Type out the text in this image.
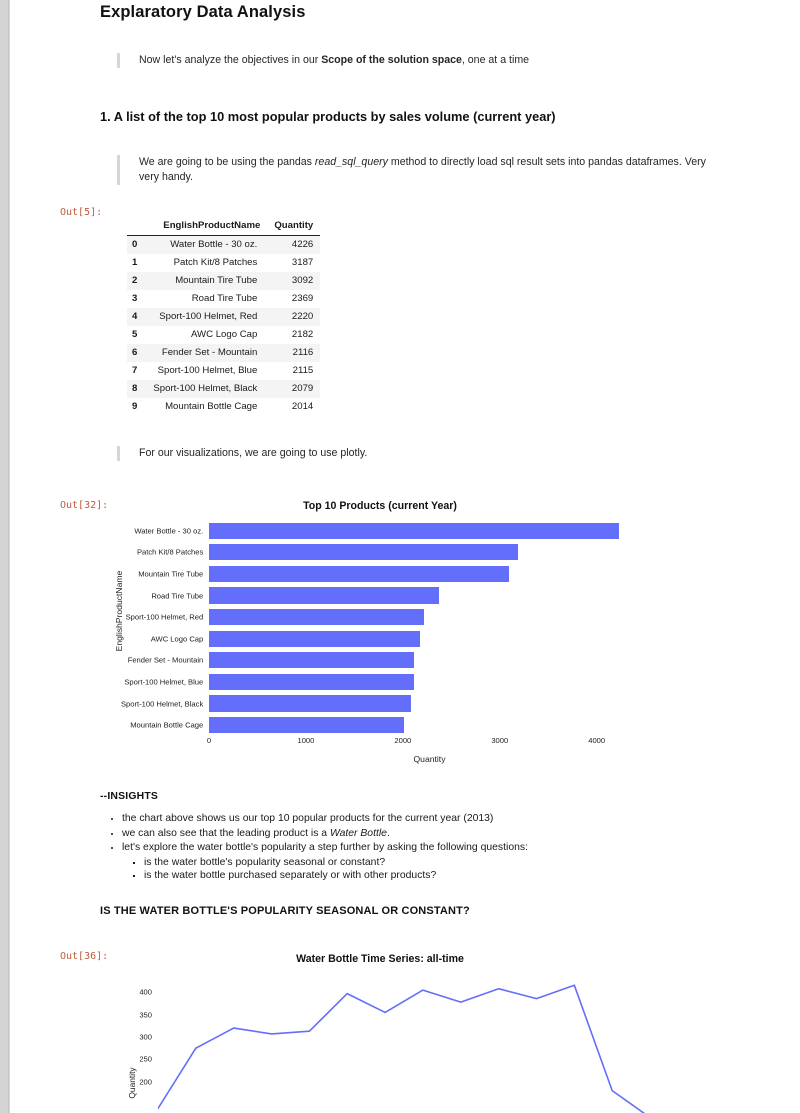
Explaratory Data Analysis
Now let's analyze the objectives in our Scope of the solution space, one at a time
1. A list of the top 10 most popular products by sales volume (current year)
We are going to be using the pandas read_sql_query method to directly load sql result sets into pandas dataframes. Very very handy.
Out[5]:
	EnglishProductName	Quantity
0	Water Bottle - 30 oz.	4226
1	Patch Kit/8 Patches	3187
2	Mountain Tire Tube	3092
3	Road Tire Tube	2369
4	Sport-100 Helmet, Red	2220
5	AWC Logo Cap	2182
6	Fender Set - Mountain	2116
7	Sport-100 Helmet, Blue	2115
8	Sport-100 Helmet, Black	2079
9	Mountain Bottle Cage	2014
For our visualizations, we are going to use plotly.
Out[32]:	Top 10 Products (current Year)
EnglishProductName
Water Bottle - 30 oz.
Patch Kit/8 Patches
Mountain Tire Tube
Road Tire Tube
Sport-100 Helmet, Red
AWC Logo Cap
Fender Set - Mountain
Sport-100 Helmet, Blue
Sport-100 Helmet, Black
Mountain Bottle Cage
0	1000	2000	3000	4000
Quantity
--INSIGHTS
• the chart above shows us our top 10 popular products for the current year (2013)
• we can also see that the leading product is a Water Bottle.
• let's explore the water bottle's popularity a step further by asking the following questions:
▪ is the water bottle's popularity seasonal or constant?
▪ is the water bottle purchased separately or with other products?
IS THE WATER BOTTLE'S POPULARITY SEASONAL OR CONSTANT?
Out[36]:	Water Bottle Time Series: all-time
Quantity
400
350
300
250
200
